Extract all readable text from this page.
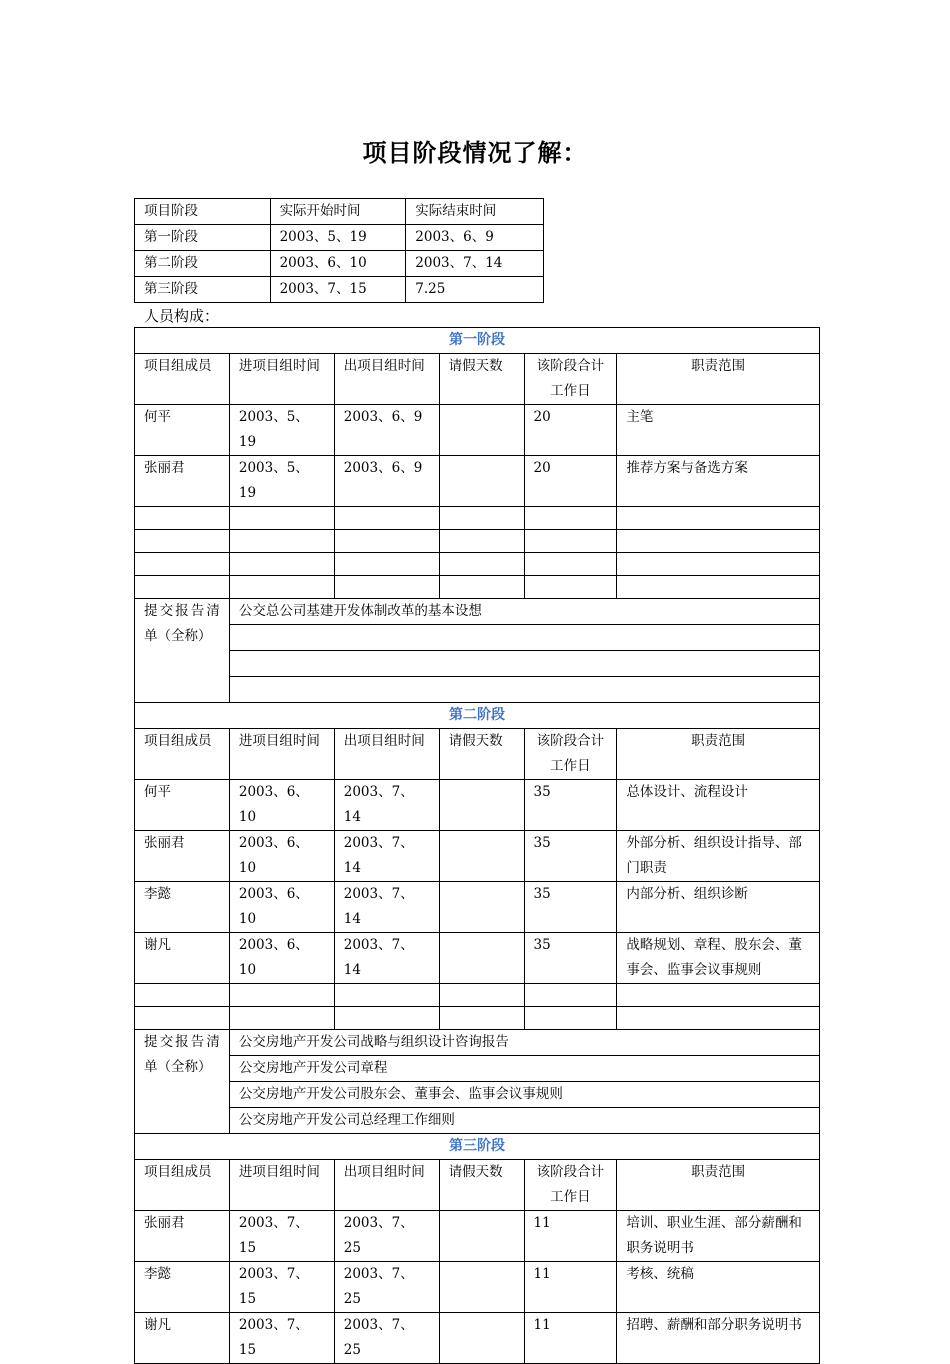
项目阶段情况了解：
项目阶段	实际开始时间	实际结束时间
第一阶段	2003、5、19	2003、6、9
第二阶段	2003、6、10	2003、7、14
第三阶段	2003、7、15	7.25
人员构成：
第一阶段					
项目组成员	进项目组时间	出项目组时间	请假天数	该阶段合计工作日	职责范围
何平	2003、5、19	2003、6、9		20	主笔
张丽君	2003、5、19	2003、6、9		20	推荐方案与备选方案

提交报告清单（全称）	公交总公司基建开发体制改革的基本设想				

第二阶段					
项目组成员	进项目组时间	出项目组时间	请假天数	该阶段合计工作日	职责范围
何平	2003、6、10	2003、7、14		35	总体设计、流程设计
张丽君	2003、6、10	2003、7、14		35	外部分析、组织设计指导、部门职责
李懿	2003、6、10	2003、7、14		35	内部分析、组织诊断
谢凡	2003、6、10	2003、7、14		35	战略规划、章程、股东会、董事会、监事会议事规则

提交报告清单（全称）	公交房地产开发公司战略与组织设计咨询报告				
	公交房地产开发公司章程				
	公交房地产开发公司股东会、董事会、监事会议事规则				
	公交房地产开发公司总经理工作细则				
第三阶段					
项目组成员	进项目组时间	出项目组时间	请假天数	该阶段合计工作日	职责范围
张丽君	2003、7、15	2003、7、25		11	培训、职业生涯、部分薪酬和职务说明书
李懿	2003、7、15	2003、7、25		11	考核、统稿
谢凡	2003、7、15	2003、7、25		11	招聘、薪酬和部分职务说明书
